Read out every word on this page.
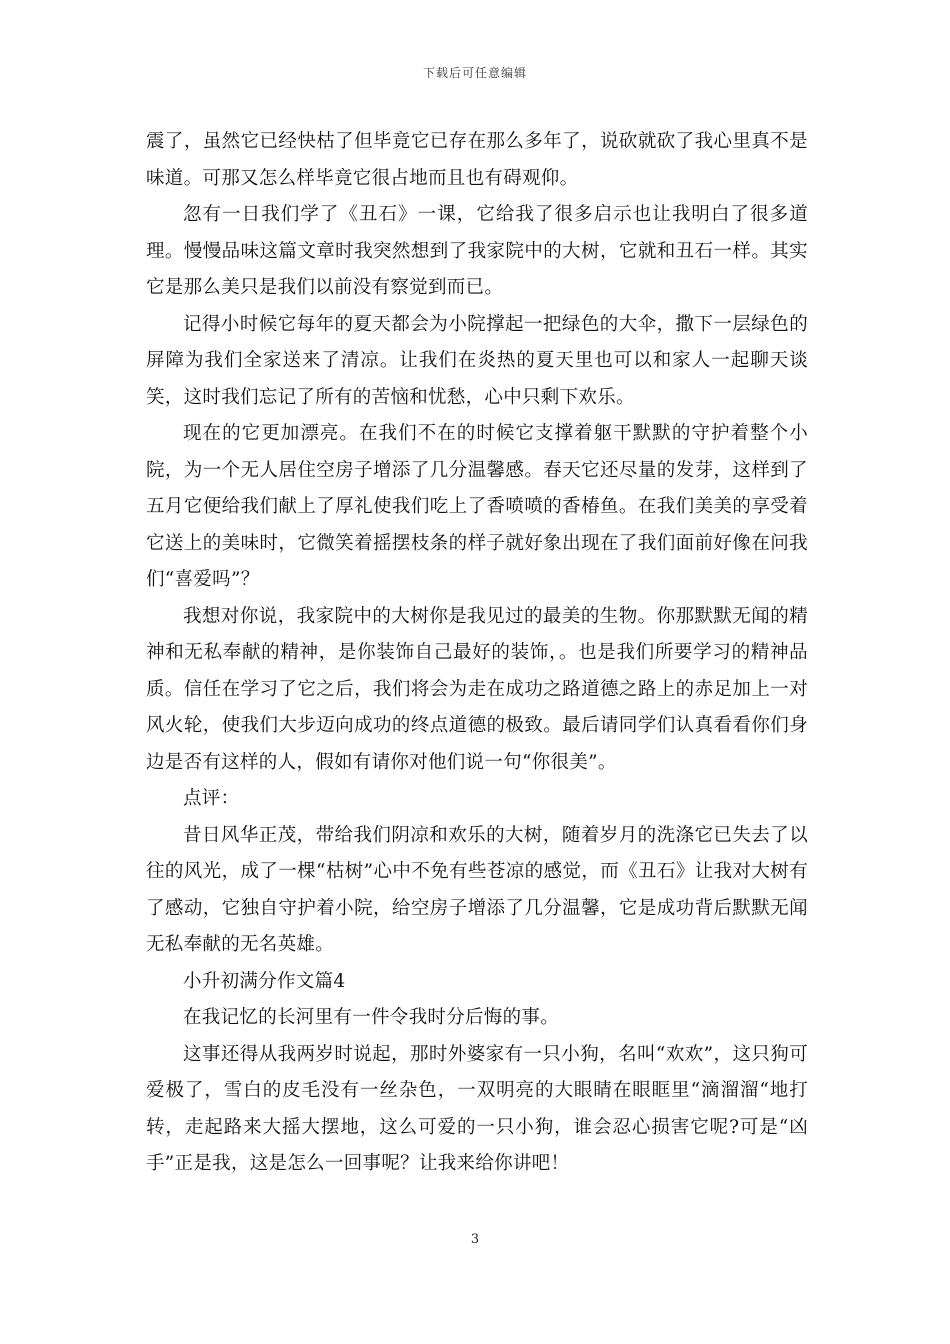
下载后可任意编辑

震了，虽然它已经快枯了但毕竟它已存在那么多年了，说砍就砍了我心里真不是味道。可那又怎么样毕竟它很占地而且也有碍观仰。

忽有一日我们学了《丑石》一课，它给我了很多启示也让我明白了很多道理。慢慢品味这篇文章时我突然想到了我家院中的大树，它就和丑石一样。其实它是那么美只是我们以前没有察觉到而已。

记得小时候它每年的夏天都会为小院撑起一把绿色的大伞，撒下一层绿色的屏障为我们全家送来了清凉。让我们在炎热的夏天里也可以和家人一起聊天谈笑，这时我们忘记了所有的苦恼和忧愁，心中只剩下欢乐。

现在的它更加漂亮。在我们不在的时候它支撑着躯干默默的守护着整个小院，为一个无人居住空房子增添了几分温馨感。春天它还尽量的发芽，这样到了五月它便给我们献上了厚礼使我们吃上了香喷喷的香椿鱼。在我们美美的享受着它送上的美味时，它微笑着摇摆枝条的样子就好象出现在了我们面前好像在问我们“喜爱吗”？

我想对你说，我家院中的大树你是我见过的最美的生物。你那默默无闻的精神和无私奉献的精神，是你装饰自己最好的装饰，。也是我们所要学习的精神品质。信任在学习了它之后，我们将会为走在成功之路道德之路上的赤足加上一对风火轮，使我们大步迈向成功的终点道德的极致。最后请同学们认真看看你们身边是否有这样的人，假如有请你对他们说一句“你很美”。

点评：

昔日风华正茂，带给我们阴凉和欢乐的大树，随着岁月的洗涤它已失去了以往的风光，成了一棵“枯树”心中不免有些苍凉的感觉，而《丑石》让我对大树有了感动，它独自守护着小院，给空房子增添了几分温馨，它是成功背后默默无闻无私奉献的无名英雄。

小升初满分作文篇4

在我记忆的长河里有一件令我时分后悔的事。

这事还得从我两岁时说起，那时外婆家有一只小狗，名叫“欢欢”，这只狗可爱极了，雪白的皮毛没有一丝杂色，一双明亮的大眼睛在眼眶里“滴溜溜“地打转，走起路来大摇大摆地，这么可爱的一只小狗，谁会忍心损害它呢?可是“凶手”正是我，这是怎么一回事呢？让我来给你讲吧！

3
